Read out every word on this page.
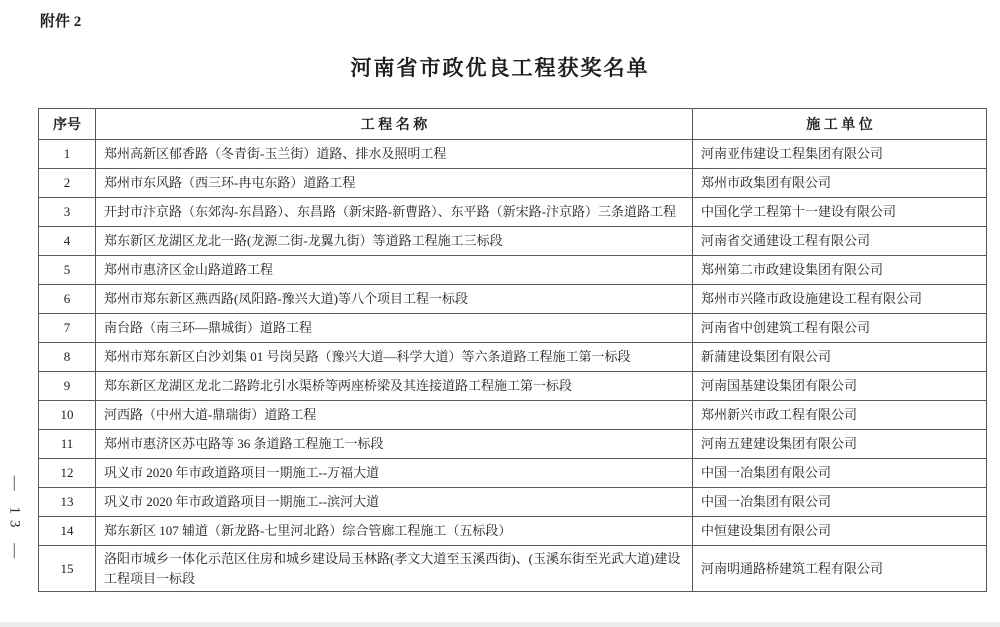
附件 2
河南省市政优良工程获奖名单
序号	工 程 名 称	施 工 单 位
1	郑州高新区郁香路（冬青街-玉兰街）道路、排水及照明工程	河南亚伟建设工程集团有限公司
2	郑州市东风路（西三环-冉屯东路）道路工程	郑州市政集团有限公司
3	开封市汴京路（东郊沟-东昌路）、东昌路（新宋路-新曹路）、东平路（新宋路-汴京路）三条道路工程	中国化学工程第十一建设有限公司
4	郑东新区龙湖区龙北一路(龙源二街-龙翼九街）等道路工程施工三标段	河南省交通建设工程有限公司
5	郑州市惠济区金山路道路工程	郑州第二市政建设集团有限公司
6	郑州市郑东新区燕西路(凤阳路-豫兴大道)等八个项目工程一标段	郑州市兴隆市政设施建设工程有限公司
7	南台路（南三环—鼎城街）道路工程	河南省中创建筑工程有限公司
8	郑州市郑东新区白沙刘集 01 号岗吴路（豫兴大道—科学大道）等六条道路工程施工第一标段	新蒲建设集团有限公司
9	郑东新区龙湖区龙北二路跨北引水渠桥等两座桥梁及其连接道路工程施工第一标段	河南国基建设集团有限公司
10	河西路（中州大道-鼎瑞街）道路工程	郑州新兴市政工程有限公司
11	郑州市惠济区苏屯路等 36 条道路工程施工一标段	河南五建建设集团有限公司
12	巩义市 2020 年市政道路项目一期施工--万福大道	中国一冶集团有限公司
13	巩义市 2020 年市政道路项目一期施工--滨河大道	中国一冶集团有限公司
14	郑东新区 107 辅道（新龙路-七里河北路）综合管廊工程施工（五标段）	中恒建设集团有限公司
15	洛阳市城乡一体化示范区住房和城乡建设局玉林路(孝文大道至玉溪西街)、(玉溪东街至光武大道)建设工程项目一标段	河南明通路桥建筑工程有限公司
— 13 —
